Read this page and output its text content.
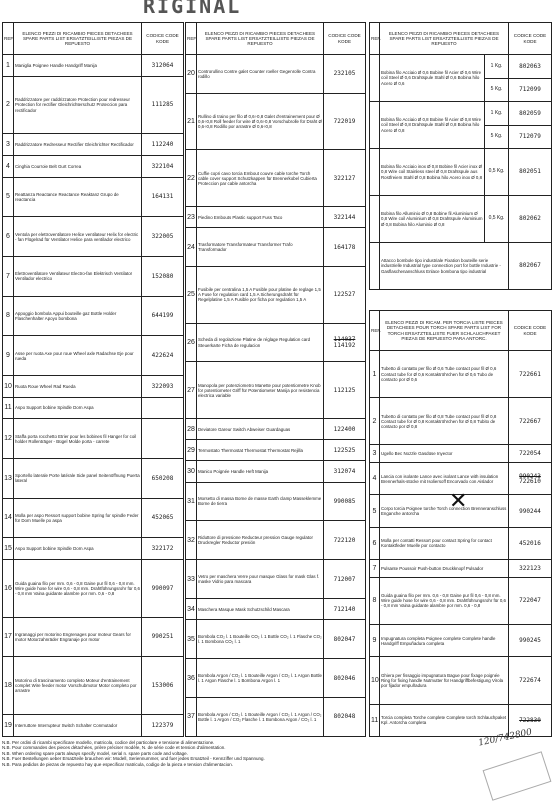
RIGINAL
REF.	ELENCO PEZZI DI RICAMBIO PIECES DETACHEES SPARE PARTS LIST ERSATZTEILLISTE PIEZAS DE REPUESTO	CODICE CODE KODE
1	Maniglia Poignee Handle Handgriff Manija	312064

2	Raddrizzatore per raddrizzatore Protection pour redresseur Protection for rectifier Gleichrichterschutz Proteccion para rectificador	111285

3	Raddrizzatore Redresseur Rectifier Gleichrichter Rectificador	112240

4	Cinghia Courroie Belt Gurt Correa	322104

5	Reattanza Reactance Reactance Reaktanz Grupo de reactancia	164131

6	Ventola per elettroventilatore Helice ventilateur Helix for electric - fan Flügelrad für Ventilator Helice para ventilador electrico	322005

7	Elettroventilatore Ventilateur Electro-fan Elektrisch Ventilator Ventilador electrico	152080

8	Appoggio bombola Appui bouteille gaz Bottle Holder Flaschenhalter Apoyo bombona	644199

9	Asse per ruota Axe pour roue Wheel axle Radachse Eje pour rueda	422624

10	Ruota Roue Wheel Rad Rueda	322093

11	Aspo Support bobine Spindle Dorn Aspa	
12	Staffa porta rocchetto Etrier pour les bobines fil Hanger for coil holder Rollenträger - Bügel Molde porta - carrete	
13	Sportello laterale Porte latérale Side panel Seitenöffnung Puerta lateral	650208

14	Molla per aspo Ressort support bobine Spring for spindle Feder für Dorn Muelle po aspa	452065

15	Aspo Support bobine Spindle Dorn Aspa	322172

16	Guida guaina filo per mm. 0,6 - 0,8 Gaine pur fil 0,6 - 0,8 mm. Wire guide hose for wire 0,6 - 0,8 mm. Drahtführungsrohr für 0,6 - 0,8 mm Vaina guidante alambre por mm. 0,6 - 0,8	990097

17	Ingranaggi per motorino Engrenages pour moteur Gears for motor Motorzahnräder Engranaje por motor	990251

18	Motorino di trascinamento completo Moteur d'entrainement complet Wire feeder motor Vorschubmotor Motor completo por arrastre	153006

19	Interruttore Interrupteur Switch Schalter Conmutador	122379
REF.	ELENCO PEZZI DI RICAMBIO PIECES DETACHEES SPARE PARTS LIST ERSATZTEILLISTE PIEZAS DE REPUESTO	CODICE CODE KODE
20	Controrullino Contre galet Counter roeller Gegenrolle Contra rodillo	232105

21	Rullino di traino per filo Ø 0,6÷0,8 Galet d'entrainement pour Ø 0,6÷0,8 Roll feeder for wire Ø 0,6÷0,8 Vorschubrolle für Draht Ø 0,6÷0,8 Rodillo por arrastre Ø 0,6÷0,8	722019

22	Cuffie copri cavo torcia Embout couvre cable torche Torch cable cover support Schutzkappen für Brennerkobel Cubierta Proteccion par cable antorcha	322127

23	Piedino Embouts Plastic support Fuss Taco	322144

24	Trasformatore Transformateur Transformer Trafo Transformador	164178

25	Fusibile per centralina 1,5 A Fusible pour platine de reglage 1,5 A Fuse for regulation card 1,5 A Sicherungsdraht für Regelplatine 1,5 A Fusible por ficha por regulation 1,5 A	122527

26	Scheda di regolazione Platine de réglage Regulation card Steuerkarte Ficha de regulacion	114037
114192

27	Manopola per potenziometro Manette pour potentiometre Knob for potentiometer Griff für Potentiometer Manija por resistencia electrica variable	112125

28	Deviatore Gareur Switch Abweiser Guardaguas	122400

29	Termostato Thermostat Thermostat Thermostat Rejilla	122525

30	Manico Poignée Handle Heft Manija	312074

31	Morsetto di massa Borne de masse Earth clamp Masseklemme Borne de tierra	990085

32	Riduttore di pressione Reducteur pression Gauge regulator Druckregler Reductor presión	722120

33	Vetro per maschera Verre pour masque Glass for mask Glas f. maske Vidrio para mascara	712007

34	Maschera Masque Mask Schutzschild Mascara	712140

35	Bombola CO₂ l. 1 Bouteille CO₂ l. 1 Bottle CO₂ l. 1 Flasche CO₂ l. 1 Bombona CO₂ l. 1	802047

36	Bombola Argon / CO₂ l. 1 Bouteille Argon / CO₂ l. 1 Argon Bottle l. 1 Argon Flasche l. 1 Bombona Argon l. 1	802046

37	Bombola Argon / CO₂ l. 1 Bouteille Argon / CO₂ l. 1 Argon / CO₂ Bottle l. 1 Argon / CO₂ Flasche l. 1 Bombona Argon / CO₂ l. 1	802048
REF.	ELENCO PEZZI DI RICAMBIO PIECES DETACHEES SPARE PARTS LIST ERSATZTEILLISTE PIEZAS DE REPUESTO		CODICE CODE KODE
	Bobina filo Acciaio Ø 0,6 Bobine fil Acier Ø 0,6 Wire coil Steel Ø 0,6 Drahtspule Stahl Ø 0,6 Bobina hilo Acero Ø 0,6	1 Kg.	802063
		5 Kg.	712099
	Bobina filo Acciaio Ø 0,8 Bobine fil Acier Ø 0,8 Wire coil Steel Ø 0,8 Drahtspule Stahl Ø 0,8 Bobina hilo Acero Ø 0,8	1 Kg.	802059
		5 Kg.	712079
	Bobina filo Acciaio inox Ø 0,8 Bobine fil Acier inox Ø 0,8 Wire coil Stainless steel Ø 0,8 Drahtspule aus Rostfreiem Stahl Ø 0,8 Bobina hilo Acero inox Ø 0,8	0,5 Kg.	802051
	Bobina filo Alluminio Ø 0,8 Bobine fil Aluminium Ø 0,8 Wire coil Aluminium Ø 0,8 Drahtspule Aluminium Ø 0,8 Bobina hilo Aluminio Ø 0,8	0,5 Kg.	802062
	Attacco bombole tipo industriale Fixation bouteille serie industrielle Industrial type connection port for bottle Industrie - Gasflaschenanschluss Enlace bombona tipo industrial		802067
REF.	ELENCO PEZZI DI RICAM. PER TORCIA LISTE PIECES DETACHEES POUR TORCH SPARE PARTS LIST FOR TORCH ERSATZTEILLISTE FUER SCHLAUCHPAKET PIEZAS DE REPUESTO PARA ANTORC.	CODICE CODE KODE
1	Tubetto di contatto per filo Ø 0,6 Tube contact pour fil Ø 0,6 Contact tube for Ø 0,6 Kontaktröhrchen für Ø 0,6 Tubo de contacto por Ø 0,6	722661

2	Tubetto di contatto per filo Ø 0,8 Tube contact pour fil Ø 0,8 Contact tube for Ø 0,8 Kontaktröhrchen für Ø 0,8 Tubito de contacto por Ø 0,8	722667

3	Ugello Bec Nozzle Gasdüse Inyector	722054

4	Lancia con isolante Lance avec isolant Lance with insulation Brennerhals-stücke mit Isoliersoff Encorvado con Aislador	990243
722610

5	Corpo torcia Poignee torche Torch connection Brenneranschluss Enganche antorcha	990244

6	Molla per contatti Ressort pour contact Spring for contact Kontaktfeder Muelle por contacto	452016

7	Pulsante Poussoir Push-button Druckknopf Pulsador	322123

8	Guida guaina filo per mm. 0,6 - 0,8 Gaine pur fil 0,6 - 0,8 mm. Wire guide hose for wire 0,6 - 0,8 mm. Drahtführungsrohr für 0,6 - 0,8 mm Vaina guidante alambre por mm. 0,6 - 0,8	722047

9	Impugnatura completa Poignee complete Complete handle Handgriff Empuñadura completa	990245

10	Ghiera per fissaggio impugnatura Bague pour fixage poignée Ring for fixing handle Nutmutter für Handgriffbefestigung Virola por fijador empuñadura	722674

11	Torcia completa Torche complete Complete torch Schlauchpaket Kpl. Antorcha completa	722830
✕
N.B. Per ordini di ricambi specificare modello, matricola, codice del particolare e tensione di alimentazione.
N.B. Pour commandes des pieces détachées, prière préciser modèle, N. de série code et tension d'alimentation.
N.B. When ordering spare parts always specify model, serial n. spare parts code and voltage.
N.B. Fuer Bestellungen ueber Ersatzteile brauchen wir: Modell, Seriennummer, und fuer jedes Ersatzteil - Kennziffer und Spannung.
N.B. Para pedidos de piezas de repuesto hay que especificar matricula, codigo de la pieza e tension d'alimentacion.
120/742800
